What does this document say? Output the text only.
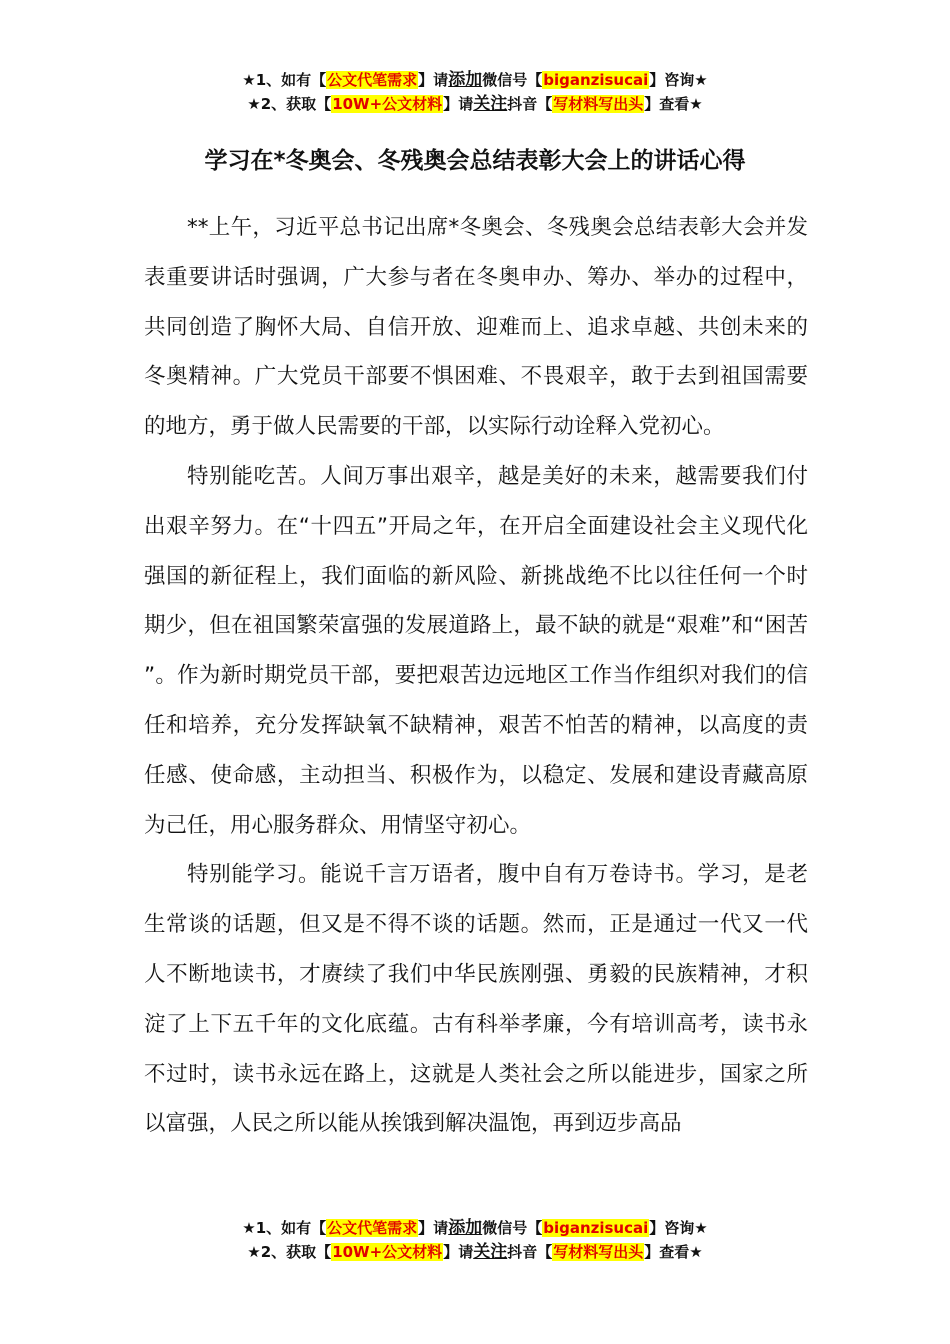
★1、如有【公文代笔需求】请添加微信号【biganzisucai】咨询★
★2、获取【10W+公文材料】请关注抖音【写材料写出头】查看★
学习在*冬奥会、冬残奥会总结表彰大会上的讲话心得

**上午，习近平总书记出席*冬奥会、冬残奥会总结表彰大会并发表重要讲话时强调，广大参与者在冬奥申办、筹办、举办的过程中，共同创造了胸怀大局、自信开放、迎难而上、追求卓越、共创未来的冬奥精神。广大党员干部要不惧困难、不畏艰辛，敢于去到祖国需要的地方，勇于做人民需要的干部，以实际行动诠释入党初心。

特别能吃苦。人间万事出艰辛，越是美好的未来，越需要我们付出艰辛努力。在“十四五”开局之年，在开启全面建设社会主义现代化强国的新征程上，我们面临的新风险、新挑战绝不比以往任何一个时期少，但在祖国繁荣富强的发展道路上，最不缺的就是“艰难”和“困苦”。作为新时期党员干部，要把艰苦边远地区工作当作组织对我们的信任和培养，充分发挥缺氧不缺精神，艰苦不怕苦的精神，以高度的责任感、使命感，主动担当、积极作为，以稳定、发展和建设青藏高原为己任，用心服务群众、用情坚守初心。

特别能学习。能说千言万语者，腹中自有万卷诗书。学习，是老生常谈的话题，但又是不得不谈的话题。然而，正是通过一代又一代人不断地读书，才赓续了我们中华民族刚强、勇毅的民族精神，才积淀了上下五千年的文化底蕴。古有科举孝廉，今有培训高考，读书永不过时，读书永远在路上，这就是人类社会之所以能进步，国家之所以富强，人民之所以能从挨饿到解决温饱，再到迈步高品

★1、如有【公文代笔需求】请添加微信号【biganzisucai】咨询★
★2、获取【10W+公文材料】请关注抖音【写材料写出头】查看★
